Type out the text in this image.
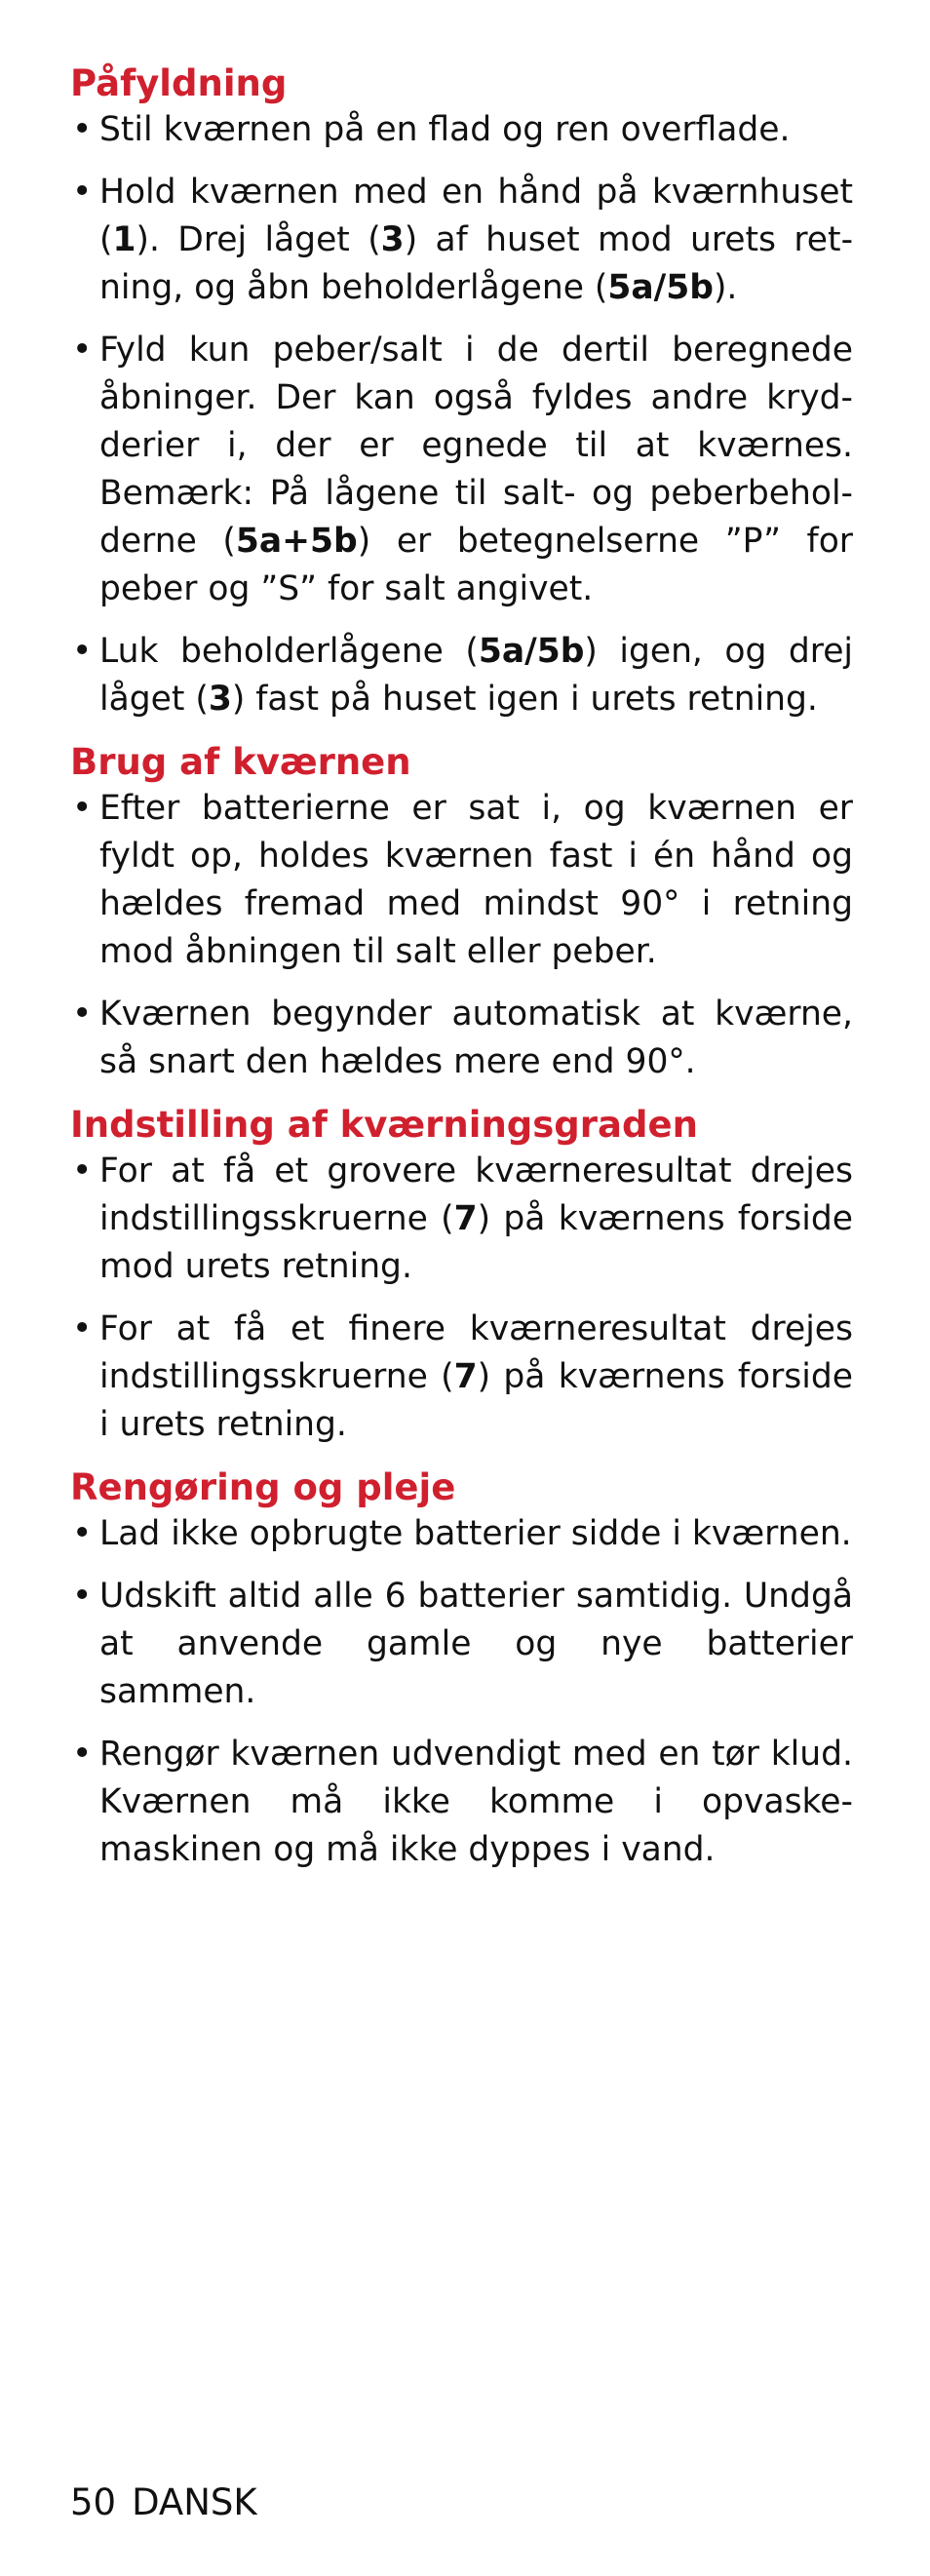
Påfyldning
• Stil kværnen på en flad og ren overflade.
• Hold kværnen med en hånd på kværnhuset (1). Drej låget (3) af huset mod urets retning, og åbn beholderlågene (5a/5b).
• Fyld kun peber/salt i de dertil beregnede åbninger. Der kan også fyldes andre krydderier i, der er egnede til at kværnes. Bemærk: På lågene til salt- og peberbeholderne (5a+5b) er betegnelserne ”P” for peber og ”S” for salt angivet.
• Luk beholderlågene (5a/5b) igen, og drej låget (3) fast på huset igen i urets retning.
Brug af kværnen
• Efter batterierne er sat i, og kværnen er fyldt op, holdes kværnen fast i én hånd og hældes fremad med mindst 90° i retning mod åbningen til salt eller peber.
• Kværnen begynder automatisk at kværne, så snart den hældes mere end 90°.
Indstilling af kværningsgraden
• For at få et grovere kværneresultat drejes indstillingsskruerne (7) på kværnens forside mod urets retning.
• For at få et finere kværneresultat drejes indstillingsskruerne (7) på kværnens forside i urets retning.
Rengøring og pleje
• Lad ikke opbrugte batterier sidde i kværnen.
• Udskift altid alle 6 batterier samtidig. Undgå at anvende gamle og nye batterier sammen.
• Rengør kværnen udvendigt med en tør klud. Kværnen må ikke komme i opvaskemaskinen og må ikke dyppes i vand.
50 DANSK
